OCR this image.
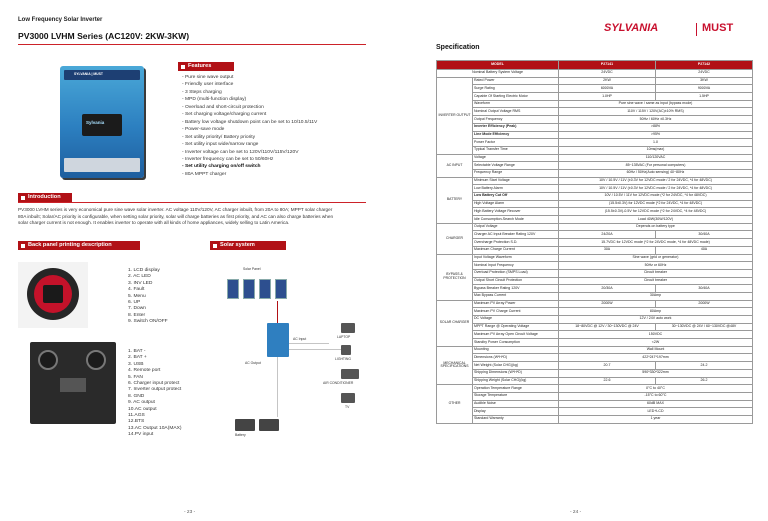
Low Frequency Solar Inverter
PV3000 LVHM Series (AC120V: 2KW-3KW)
SYLVANIA | MUST
Sylvania
Features
- Pure sine wave output
- Friendly user interface
- 3 Steps charging
- MPD (multi-function display)
- Overload and short-circuit protection
- Set charging voltage/charging current
- Battery low voltage shutdown point can be set to 10/10.5/11V
- Power-save mode
- Set utility priority/ Battery priority
- Set utility input wide/narrow range
- Inverter voltage can be set to 120V/110V/115V/120V
- Inverter frequency can be set to 50/60Hz
- Set utility charging on/off switch
- 80A MPPT charger
Introduction
PV3000 LVHM series is very economical pure sine wave solar inverter. AC voltage 110V/120V, AC charger inbuilt, from 20A to 80A; MPPT solar charger
80A inbuilt; Solar/AC priority is configurable, when setting solar priority, solar will charge batteries as first priority, and AC can also charge batteries when
solar charger current is not enough. It enables inverter to operate with all kinds of home appliances, widely selling to Latin America.
Back panel printing description	Solar system connection
1. LCD display
2. AC LED
3. INV LED
4. Fault
5. Menu
6. UP
7. Down
8. Enter
9. Switch ON/OFF
1. BAT -
2. BAT +
3. USB
4. Remote port
5. FAN
6. Charger input protect
7. Inverter output protect
8. GND
9. AC output
10.AC output
11.AGS
12.BTS
13.AC Output 10A(MAX)
14.PV input
Solar Panel
AC Input
AC Output
Battery
LAPTOP
LIGHTING
AIR CONDITIONER
TV
- 23 -
SYLVANIA	MUST
Specification
MODEL		P27141	P27142
Nominal Battery System Voltage		24VDC	24VDC
INVERTER OUTPUT	Rated Power	2KW	3KW
	Surge Rating	6000VA	9000VA
	Capable Of Starting Electric Motor	1.0HP	1.5HP
	Waveform	Pure sine wave / same as input (bypass mode)	
	Nominal Output Voltage RMS	110V / 115V / 120V(AC)±10% RMS)	
	Output Frequency	50Hz / 60Hz ±0.3Hz	
	Inverter Efficiency (Peak)	>88%	
	Line Mode Efficiency	>95%	
	Power Factor	1.0	
	Typical Transfer Time	10ms(max)	
AC INPUT	Voltage	110/120VAC	
	Selectable Voltage Range	85~135VAC (For personal computers)	
	Frequency Range	60Hz / 50Hz(Auto sensing) 40~80Hz	
BATTERY	Minimum Start Voltage	10V / 10.5V / 11V (±0.3V for 12VDC mode / 2 for 24VDC, *4 for 48VDC)	
	Low Battery Alarm	10V / 10.5V / 11V (±0.3V for 12VDC mode / 2 for 24VDC, *4 for 48VDC)	
	Low Battery Cut Off	10V / 10.5V / 11V for 12VDC mode (*2 for 24VDC, *4 for 48VDC)	
	High Voltage Alarm	(15.5±0.3V) for 12VDC mode (*2 for 24VDC, *4 for 48VDC)	
	High Battery Voltage Recover	(15.5±0.3V)-0.5V for 12VDC mode (*2 for 24VDC, *4 for 48VDC)	
	Idle Consumption-Search Mode	Load 40W(30W/120V)	
CHARGER	Output Voltage	Depends on battery type	
	Charger AC Input Breaker Rating 120V	24/20A	30/40A
	Overcharge Protection S.D.	15.7VDC for 12VDC mode (*2 for 24VDC mode, *4 for 48VDC mode)	
	Maximum Charge Current	30A	40A
BYPASS & PROTECTION	Input Voltage Waveform	Sine wave (grid or generator)	
	Nominal Input Frequency	50Hz or 60Hz	
	Overload Protection (SMPS Load)	Circuit breaker	
	Output Short Circuit Protection	Circuit breaker	
	Bypass Breaker Rating 120V	20/30A	30/40A
	Max Bypass Current	30Amp	
SOLAR CHARGER	Maximum PV Array Power	2000W	2000W
	Maximum PV Charge Current	80Amp	
	DC Voltage	12V / 24V auto work	
	MPPT Range @ Operating Voltage	18~80VDC @ 12V / 30~130VDC @ 24V	30~130VDC @ 24V / 60~130VDC @48V
	Maximum PV Array Open Circuit Voltage	150VDC	
	Standby Power Consumption	<2W	
MECHANICAL SPECIFICATIONS	Mounting	Wall Mount	
	Dimensions (W*H*D)	422*247*197mm	
	Net Weight (Solar CHG)(kg)	20.7	24.2
	Shipping Dimensions (W*H*D)	590*330*322mm	
	Shipping Weight (Solar CHG)(kg)	22.6	26.2
OTHER	Operation Temperature Range	0°C to 40°C	
	Storage Temperature	-15°C to 60°C	
	Audible Noise	60dB MAX	
	Display	LED+LCD	
	Standard Warranty	1 year	
- 24 -
